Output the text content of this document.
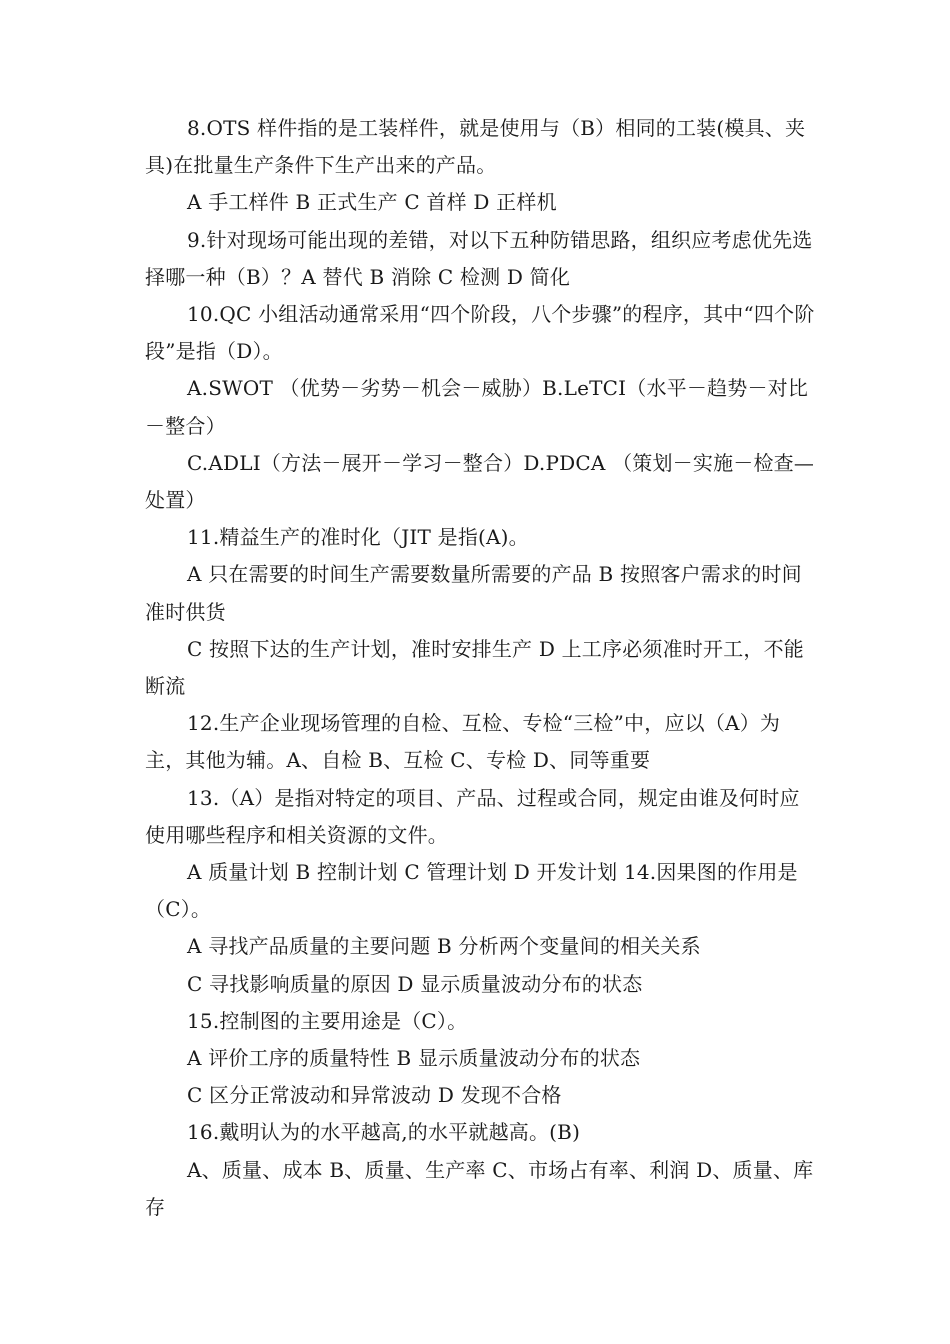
8.OTS 样件指的是工装样件，就是使用与（B）相同的工装(模具、夹具)在批量生产条件下生产出来的产品。

A 手工样件 B 正式生产 C 首样 D 正样机

9.针对现场可能出现的差错，对以下五种防错思路，组织应考虑优先选择哪一种（B）？A 替代 B 消除 C 检测 D 简化

10.QC 小组活动通常采用“四个阶段，八个步骤”的程序，其中“四个阶段”是指（D）。

A.SWOT （优势－劣势－机会－威胁）B.LeTCI（水平－趋势－对比－整合）

C.ADLI（方法－展开－学习－整合）D.PDCA （策划－实施－检查—处置）

11.精益生产的准时化（JIT 是指(A)。

A 只在需要的时间生产需要数量所需要的产品 B 按照客户需求的时间准时供货

C 按照下达的生产计划，准时安排生产 D 上工序必须准时开工，不能断流

12.生产企业现场管理的自检、互检、专检“三检”中，应以（A）为主，其他为辅。A、自检 B、互检 C、专检 D、同等重要

13.（A）是指对特定的项目、产品、过程或合同，规定由谁及何时应使用哪些程序和相关资源的文件。

A 质量计划 B 控制计划 C 管理计划 D 开发计划 14.因果图的作用是（C）。

A 寻找产品质量的主要问题 B 分析两个变量间的相关关系

C 寻找影响质量的原因 D 显示质量波动分布的状态

15.控制图的主要用途是（C）。

A 评价工序的质量特性 B 显示质量波动分布的状态

C 区分正常波动和异常波动 D 发现不合格

16.戴明认为的水平越高,的水平就越高。(B)

A、质量、成本 B、质量、生产率 C、市场占有率、利润 D、质量、库存
